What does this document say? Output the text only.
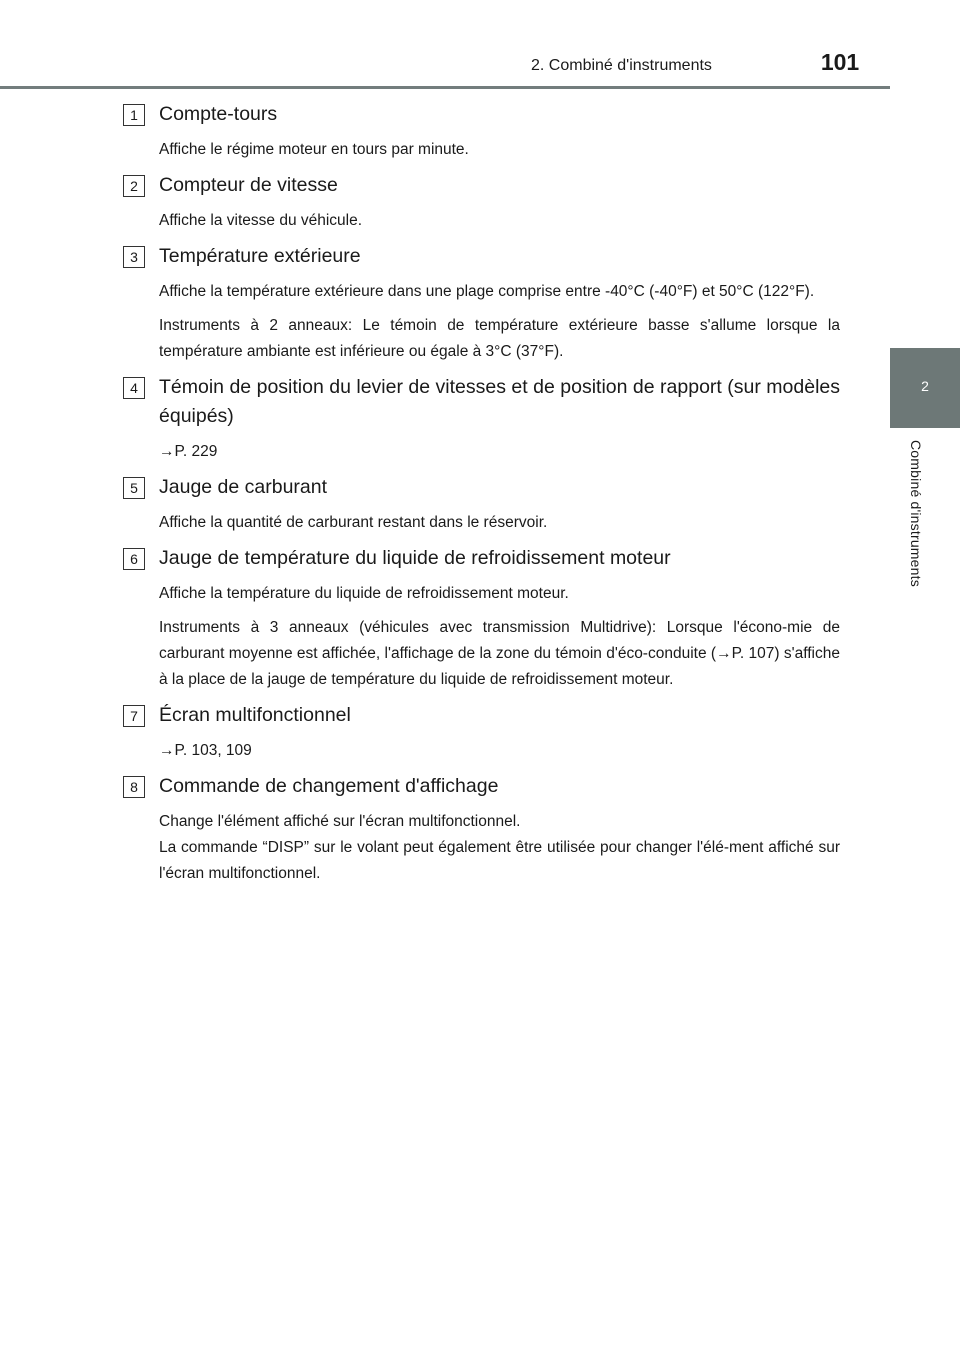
2. Combiné d'instruments	101
2
Combiné d'instruments
1	Compte-tours

Affiche le régime moteur en tours par minute.

2	Compteur de vitesse

Affiche la vitesse du véhicule.

3	Température extérieure

Affiche la température extérieure dans une plage comprise entre -40°C (-40°F) et 50°C (122°F).

Instruments à 2 anneaux: Le témoin de température extérieure basse s'allume lorsque la température ambiante est inférieure ou égale à 3°C (37°F).

4	Témoin de position du levier de vitesses et de position de rapport (sur modèles équipés)

→P. 229

5	Jauge de carburant

Affiche la quantité de carburant restant dans le réservoir.

6	Jauge de température du liquide de refroidissement moteur

Affiche la température du liquide de refroidissement moteur.

Instruments à 3 anneaux (véhicules avec transmission Multidrive): Lorsque l'écono-mie de carburant moyenne est affichée, l'affichage de la zone du témoin d'éco-conduite (→P. 107) s'affiche à la place de la jauge de température du liquide de refroidissement moteur.

7	Écran multifonctionnel

→P. 103, 109

8	Commande de changement d'affichage

Change l'élément affiché sur l'écran multifonctionnel.

La commande “DISP” sur le volant peut également être utilisée pour changer l'élé-ment affiché sur l'écran multifonctionnel.
